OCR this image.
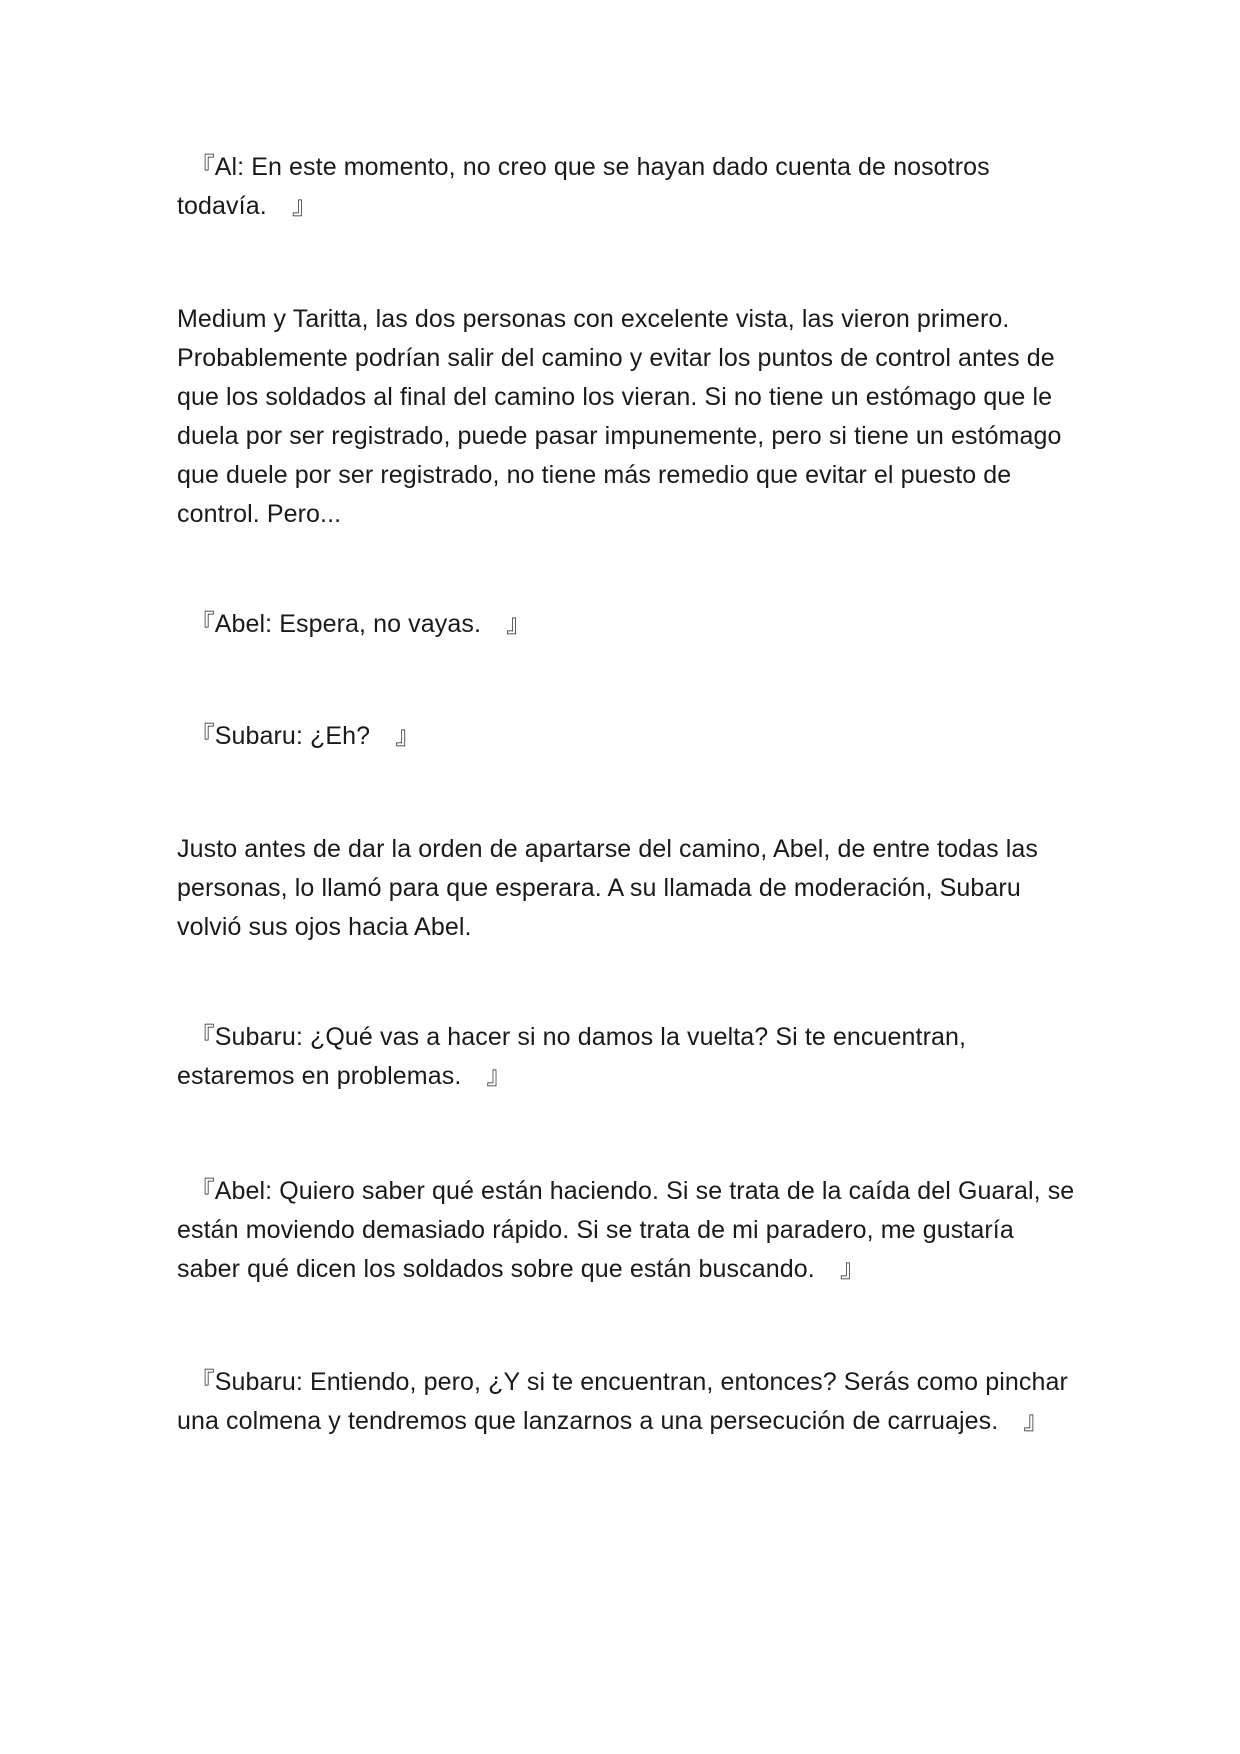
　『Al: En este momento, no creo que se hayan dado cuenta de nosotros todavía.　』

Medium y Taritta, las dos personas con excelente vista, las vieron primero. Probablemente podrían salir del camino y evitar los puntos de control antes de que los soldados al final del camino los vieran. Si no tiene un estómago que le duela por ser registrado, puede pasar impunemente, pero si tiene un estómago que duele por ser registrado, no tiene más remedio que evitar el puesto de control. Pero...

　『Abel: Espera, no vayas.　』

　『Subaru: ¿Eh?　』

Justo antes de dar la orden de apartarse del camino, Abel, de entre todas las personas, lo llamó para que esperara. A su llamada de moderación, Subaru volvió sus ojos hacia Abel.

　『Subaru: ¿Qué vas a hacer si no damos la vuelta? Si te encuentran, estaremos en problemas.　』

　『Abel: Quiero saber qué están haciendo. Si se trata de la caída del Guaral, se están moviendo demasiado rápido. Si se trata de mi paradero, me gustaría saber qué dicen los soldados sobre que están buscando.　』

　『Subaru: Entiendo, pero, ¿Y si te encuentran, entonces? Serás como pinchar una colmena y tendremos que lanzarnos a una persecución de carruajes.　』
